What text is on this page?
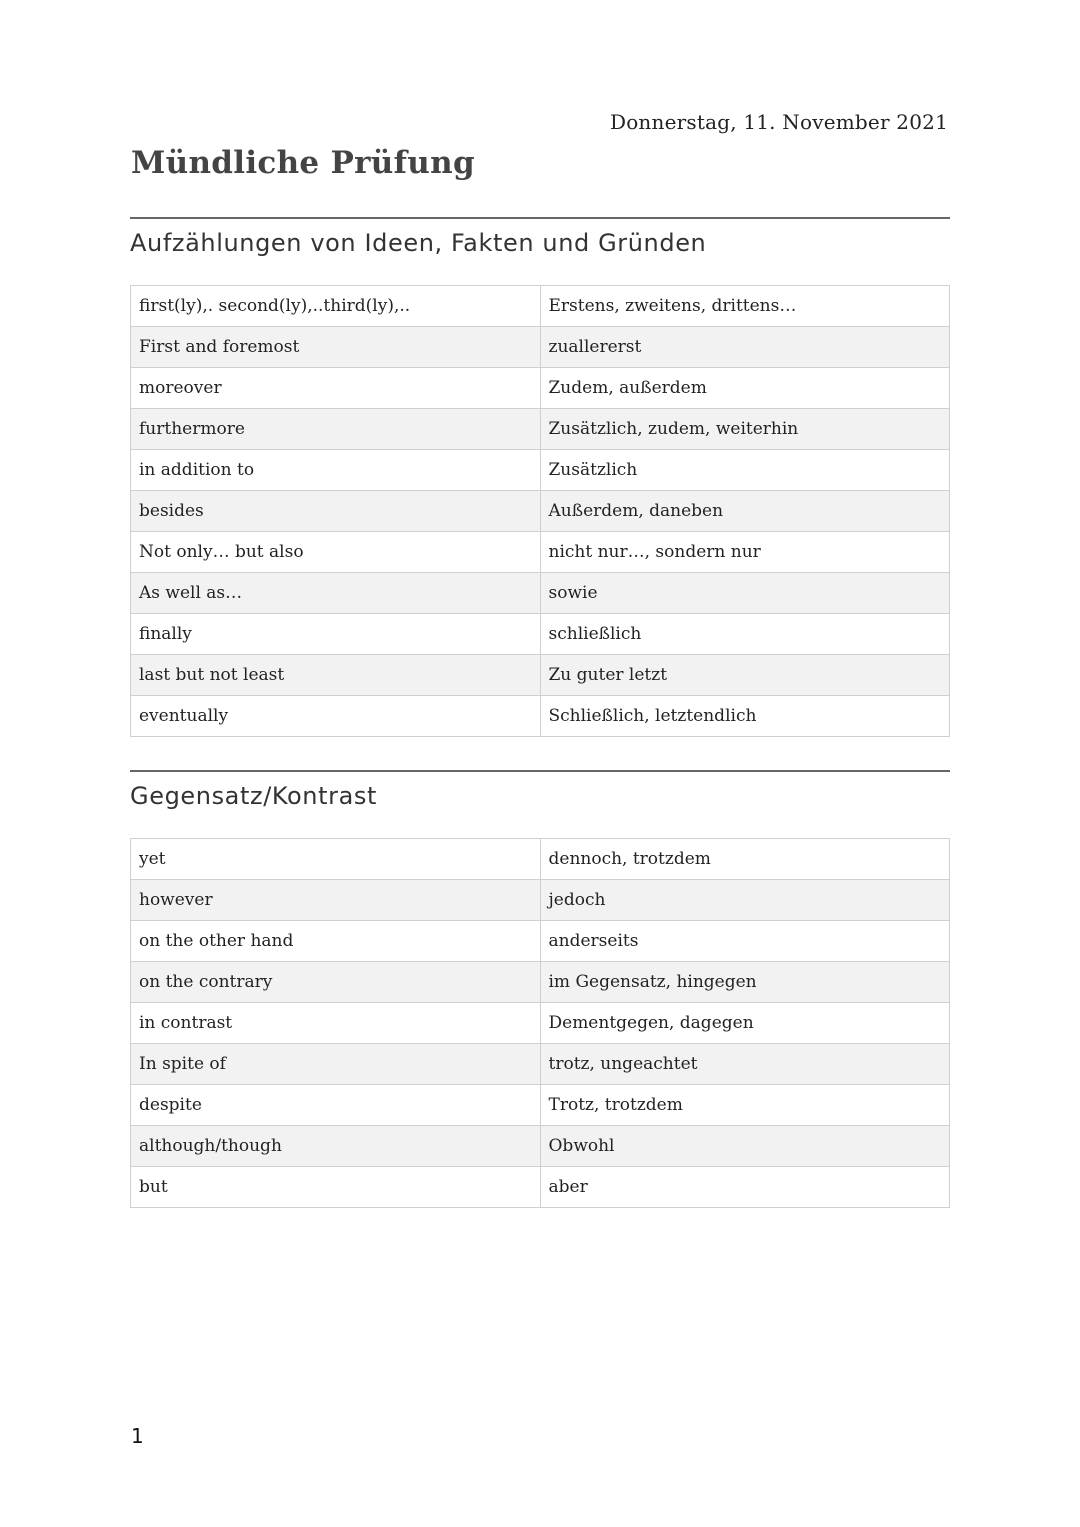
Donnerstag, 11. November 2021
Mündliche Prüfung
Aufzählungen von Ideen, Fakten und Gründen
first(ly),. second(ly),..third(ly),..	Erstens, zweitens, drittens…
First and foremost	zuallererst
moreover	Zudem, außerdem
furthermore	Zusätzlich, zudem, weiterhin
in addition to	Zusätzlich
besides	Außerdem, daneben
Not only… but also	nicht nur…, sondern nur
As well as…	sowie
finally	schließlich
last but not least	Zu guter letzt
eventually	Schließlich, letztendlich
Gegensatz/Kontrast
yet	dennoch, trotzdem
however	jedoch
on the other hand	anderseits
on the contrary	im Gegensatz, hingegen
in contrast	Dementgegen, dagegen
In spite of	trotz, ungeachtet
despite	Trotz, trotzdem
although/though	Obwohl
but	aber
1
